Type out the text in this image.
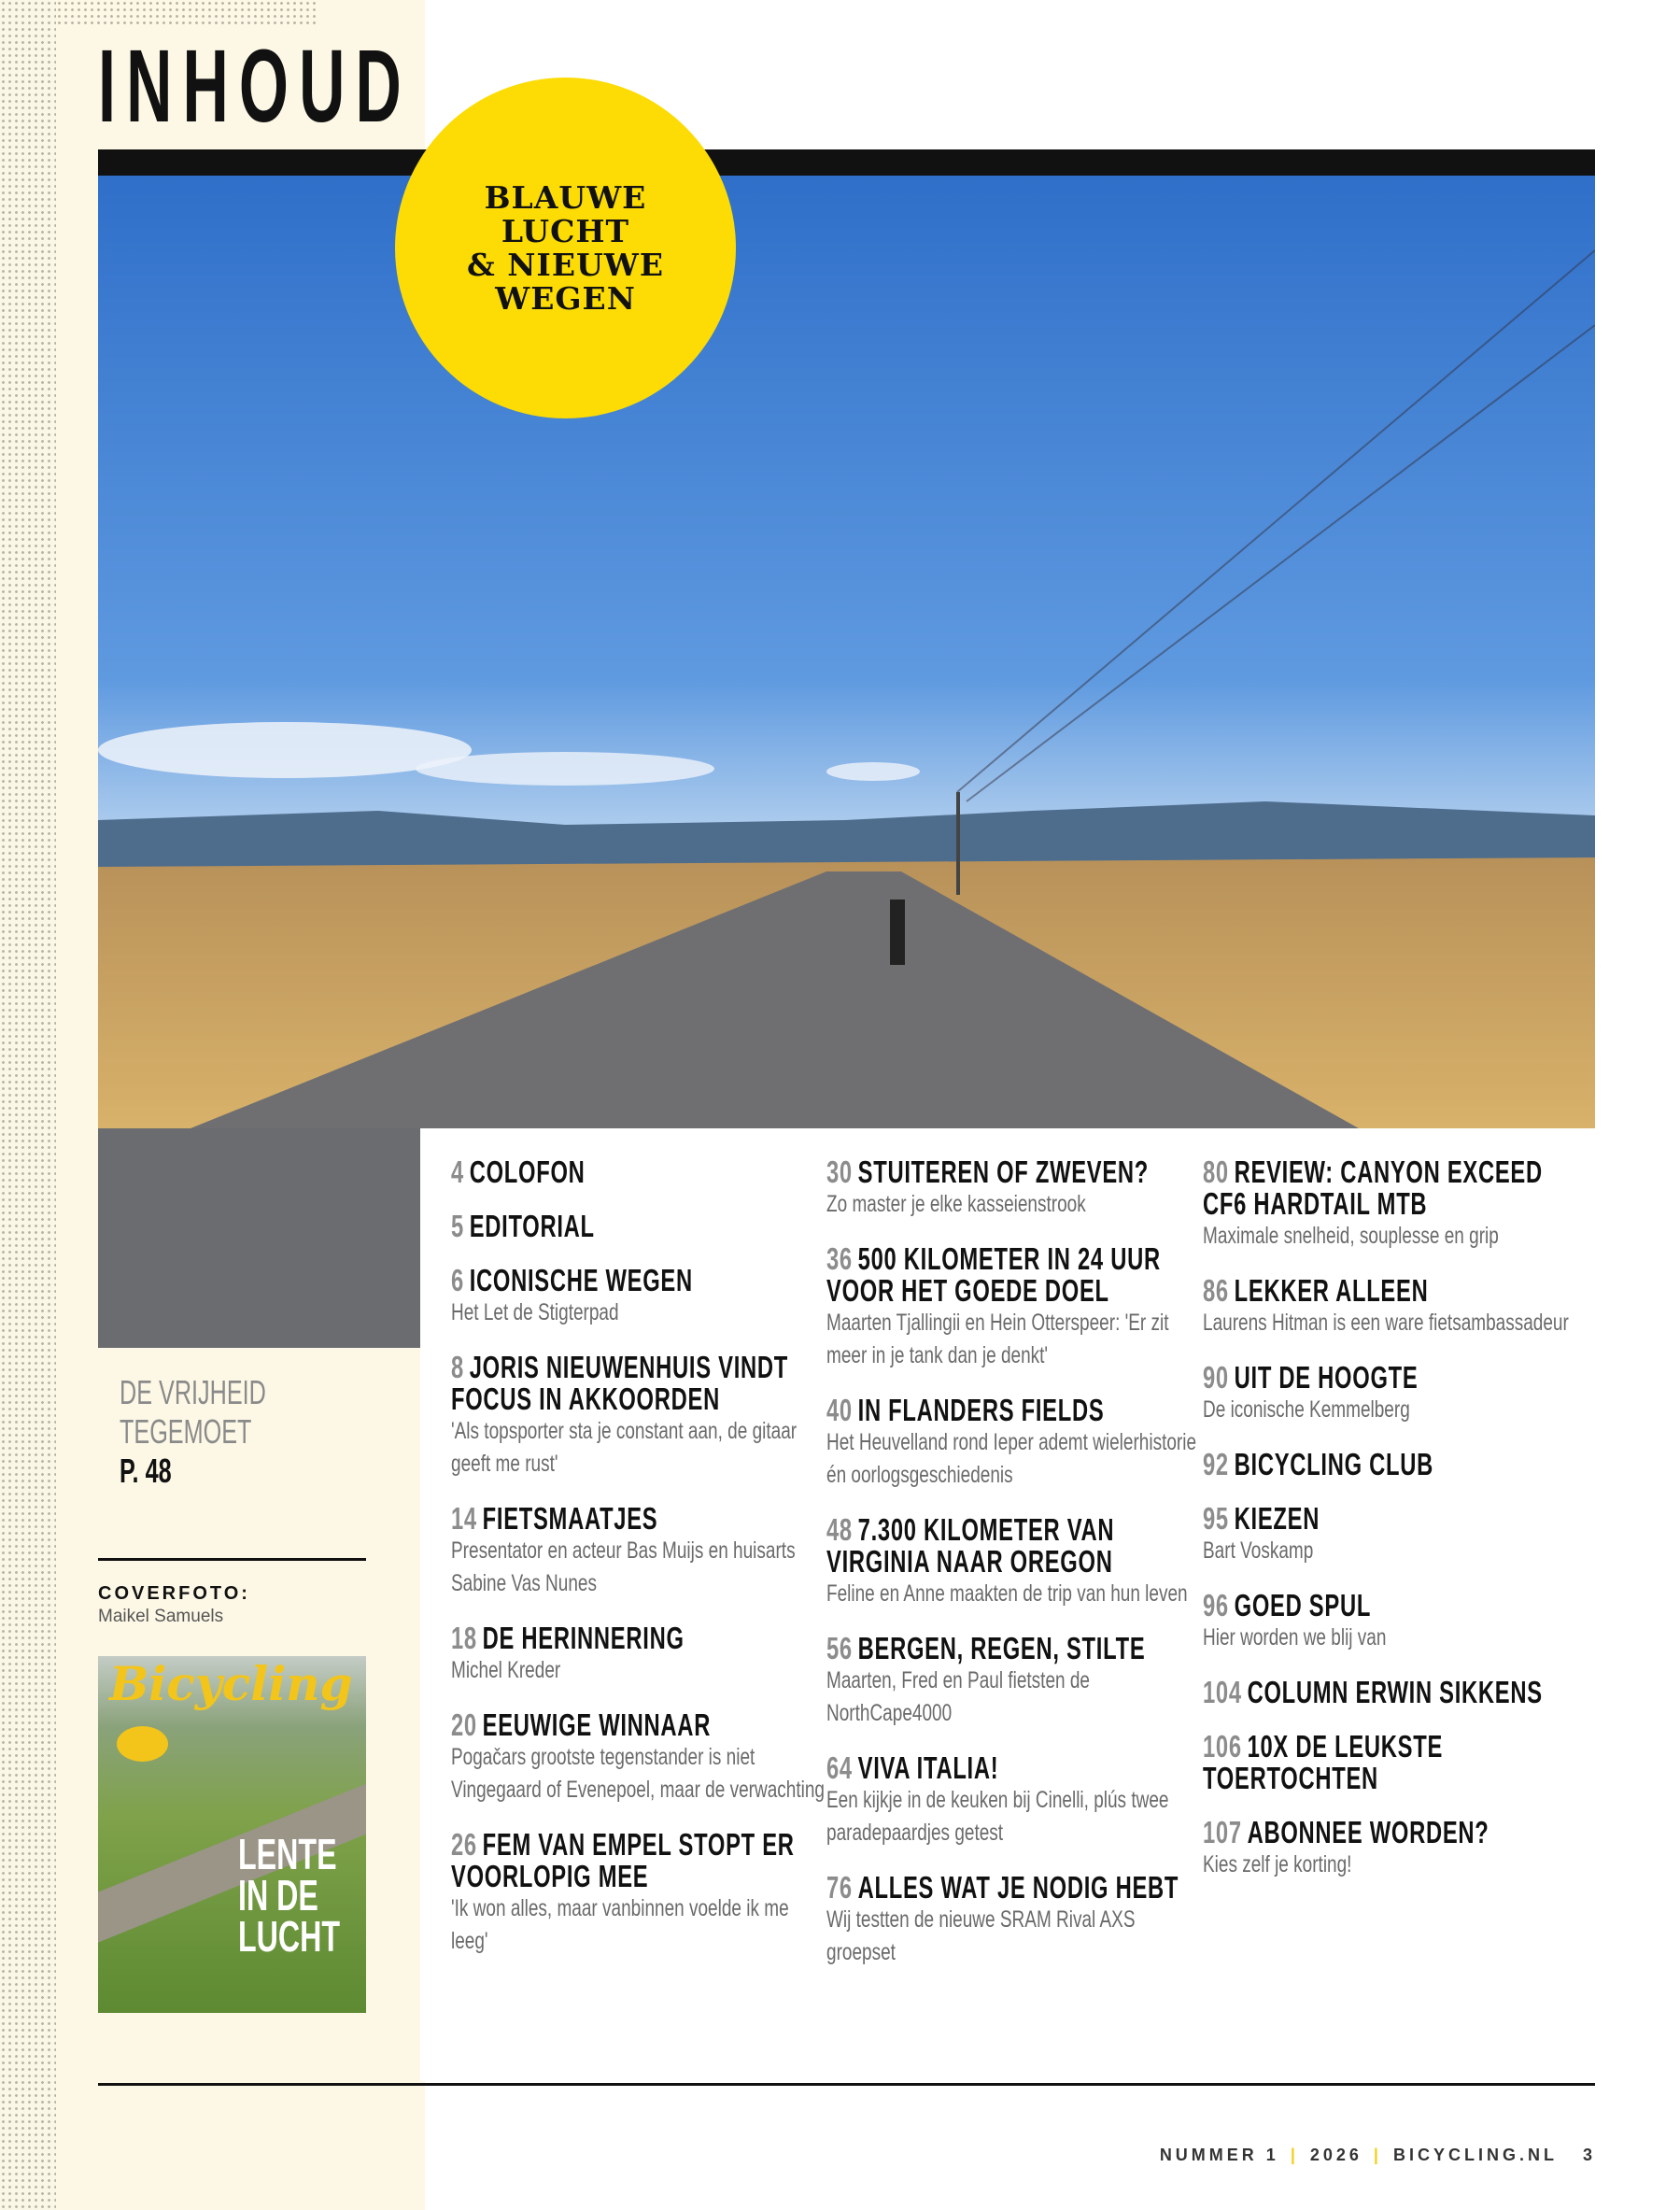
INHOUD
BLAUWE
LUCHT
& NIEUWE
WEGEN
4 COLOFON
5 EDITORIAL
6 ICONISCHE WEGEN
Het Let de Stigterpad
8 JORIS NIEUWENHUIS VINDT FOCUS IN AKKOORDEN
'Als topsporter sta je constant aan, de gitaar geeft me rust'
14 FIETSMAATJES
Presentator en acteur Bas Muijs en huisarts Sabine Vas Nunes
18 DE HERINNERING
Michel Kreder
20 EEUWIGE WINNAAR
Pogačars grootste tegenstander is niet Vingegaard of Evenepoel, maar de verwachting
26 FEM VAN EMPEL STOPT ER VOORLOPIG MEE
'Ik won alles, maar vanbinnen voelde ik me leeg'
30 STUITEREN OF ZWEVEN?
Zo master je elke kasseienstrook
36 500 KILOMETER IN 24 UUR VOOR HET GOEDE DOEL
Maarten Tjallingii en Hein Otterspeer: 'Er zit meer in je tank dan je denkt'
40 IN FLANDERS FIELDS
Het Heuvelland rond Ieper ademt wielerhistorie én oorlogsgeschiedenis
48 7.300 KILOMETER VAN VIRGINIA NAAR OREGON
Feline en Anne maakten de trip van hun leven
56 BERGEN, REGEN, STILTE
Maarten, Fred en Paul fietsten de NorthCape4000
64 VIVA ITALIA!
Een kijkje in de keuken bij Cinelli, plús twee paradepaardjes getest
76 ALLES WAT JE NODIG HEBT
Wij testten de nieuwe SRAM Rival AXS groepset
80 REVIEW: CANYON EXCEED CF6 HARDTAIL MTB
Maximale snelheid, souplesse en grip
86 LEKKER ALLEEN
Laurens Hitman is een ware fietsambassadeur
90 UIT DE HOOGTE
De iconische Kemmelberg
92 BICYCLING CLUB
95 KIEZEN
Bart Voskamp
96 GOED SPUL
Hier worden we blij van
104 COLUMN ERWIN SIKKENS
106 10X DE LEUKSTE TOERTOCHTEN
107 ABONNEE WORDEN?
Kies zelf je korting!
DE VRIJHEID
TEGEMOET
P. 48
COVERFOTO:
Maikel Samuels
Bicycling
LENTE
IN DE LUCHT
NUMMER 1 | 2026 | BICYCLING.NL 3
